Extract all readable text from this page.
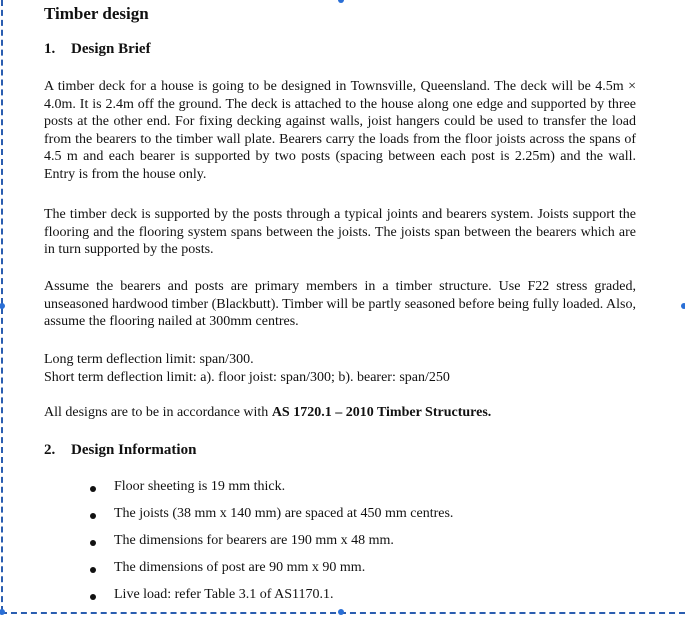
Timber design
1. Design Brief

A timber deck for a house is going to be designed in Townsville, Queensland. The deck will be 4.5m × 4.0m. It is 2.4m off the ground. The deck is attached to the house along one edge and supported by three posts at the other end. For fixing decking against walls, joist hangers could be used to transfer the load from the bearers to the timber wall plate. Bearers carry the loads from the floor joists across the spans of 4.5 m and each bearer is supported by two posts (spacing between each post is 2.25m) and the wall. Entry is from the house only.

The timber deck is supported by the posts through a typical joints and bearers system. Joists support the flooring and the flooring system spans between the joists. The joists span between the bearers which are in turn supported by the posts.

Assume the bearers and posts are primary members in a timber structure. Use F22 stress graded, unseasoned hardwood timber (Blackbutt). Timber will be partly seasoned before being fully loaded. Also, assume the flooring nailed at 300mm centres.

Long term deflection limit: span/300.

Short term deflection limit: a). floor joist: span/300; b). bearer: span/250

All designs are to be in accordance with AS 1720.1 – 2010 Timber Structures.

2. Design Information
Floor sheeting is 19 mm thick.
The joists (38 mm x 140 mm) are spaced at 450 mm centres.
The dimensions for bearers are 190 mm x 48 mm.
The dimensions of post are 90 mm x 90 mm.
Live load: refer Table 3.1 of AS1170.1.
